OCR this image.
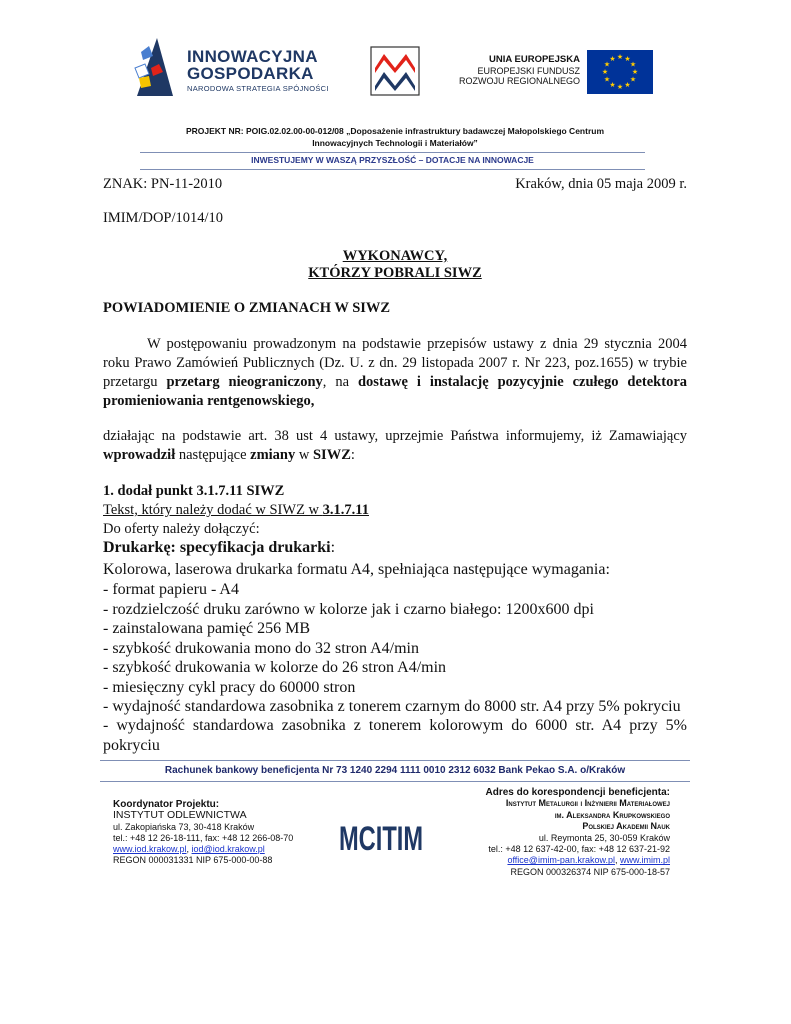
INNOWACYJNA
GOSPODARKA
NARODOWA STRATEGIA SPÓJNOŚCI
UNIA EUROPEJSKA
EUROPEJSKI FUNDUSZ
ROZWOJU REGIONALNEGO
★ ★
★
★
★
★
★
★
★
★
★
★
PROJEKT NR: POIG.02.02.00-00-012/08 „Doposażenie infrastruktury badawczej Małopolskiego Centrum
Innowacyjnych Technologii i Materiałów”
INWESTUJEMY W WASZĄ PRZYSZŁOŚĆ – DOTACJE NA INNOWACJE
ZNAK: PN-11-2010	Kraków, dnia 05 maja 2009 r.
IMIM/DOP/1014/10
WYKONAWCY,
KTÓRZY POBRALI SIWZ
POWIADOMIENIE O ZMIANACH W SIWZ
W postępowaniu prowadzonym na podstawie przepisów ustawy z dnia 29 stycznia 2004
roku Prawo Zamówień Publicznych (Dz. U. z dn. 29 listopada 2007 r. Nr 223, poz.1655) w trybie
przetargu przetarg nieograniczony, na dostawę i instalację pozycyjnie czułego detektora
promieniowania rentgenowskiego,
działając na podstawie art. 38 ust 4 ustawy, uprzejmie Państwa informujemy, iż Zamawiający
wprowadził następujące zmiany w SIWZ:
1. dodał punkt 3.1.7.11 SIWZ
Tekst, który należy dodać w SIWZ w 3.1.7.11
Do oferty należy dołączyć:
Drukarkę: specyfikacja drukarki:
Kolorowa, laserowa drukarka formatu A4, spełniająca następujące wymagania:
- format papieru - A4
- rozdzielczość druku zarówno w kolorze jak i czarno białego: 1200x600 dpi
- zainstalowana pamięć 256 MB
- szybkość drukowania mono do 32 stron A4/min
- szybkość drukowania w kolorze do 26 stron A4/min
- miesięczny cykl pracy do 60000 stron
- wydajność standardowa zasobnika z tonerem czarnym do 8000 str. A4 przy 5% pokryciu
- wydajność standardowa zasobnika z tonerem kolorowym do 6000 str. A4 przy 5%
pokryciu
Rachunek bankowy beneficjenta Nr 73 1240 2294 1111 0010 2312 6032 Bank Pekao S.A. o/Kraków
Koordynator Projektu:
INSTYTUT ODLEWNICTWA
ul. Zakopiańska 73, 30-418 Kraków
tel.: +48 12 26-18-111, fax: +48 12 266-08-70
www.iod.krakow.pl, iod@iod.krakow.pl
REGON 000031331 NIP 675-000-00-88
MCITIM
Adres do korespondencji beneficjenta:
Instytut Metalurgii i Inżynierii Materiałowej
im. Aleksandra Krupkowskiego
Polskiej Akademii Nauk
ul. Reymonta 25, 30-059 Kraków
tel.: +48 12 637-42-00, fax: +48 12 637-21-92
office@imim-pan.krakow.pl, www.imim.pl
REGON 000326374 NIP 675-000-18-57
